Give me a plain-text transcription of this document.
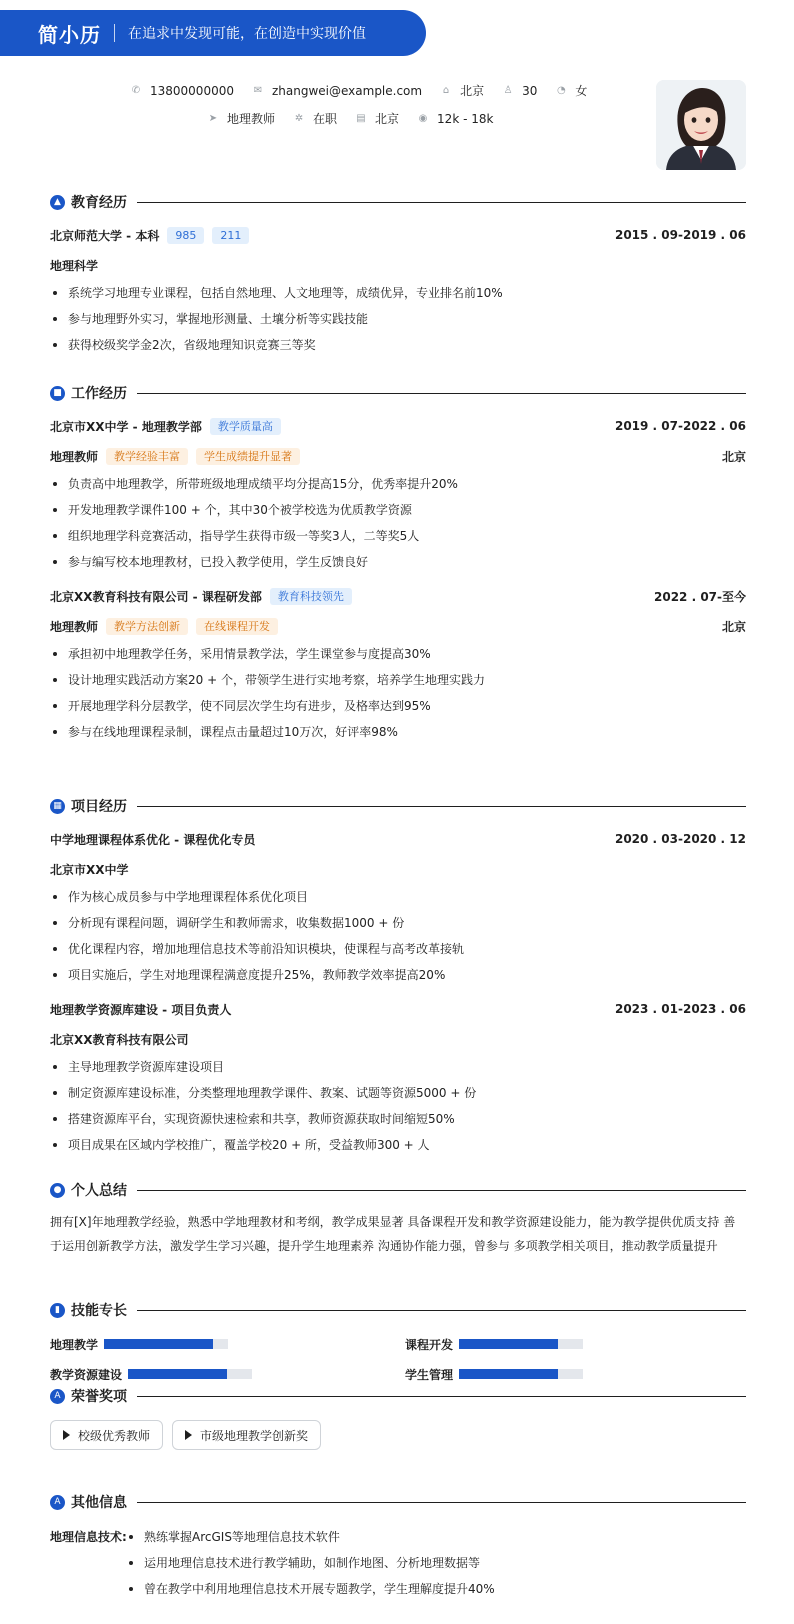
简小历 在追求中发现可能，在创造中实现价值
✆ 13800000000 ✉ zhangwei@example.com ⌂ 北京 ♙ 30 ◔ 女
➤ 地理教师 ✲ 在职 ▤ 北京 ◉ 12k - 18k
▲ 教育经历
北京师范大学 - 本科	985	211	2015 . 09-2019 . 06
地理科学
系统学习地理专业课程，包括自然地理、人文地理等，成绩优异，专业排名前10%
参与地理野外实习，掌握地形测量、土壤分析等实践技能
获得校级奖学金2次，省级地理知识竞赛三等奖
■ 工作经历
北京市XX中学 - 地理教学部	教学质量高	2019 . 07-2022 . 06
地理教师	教学经验丰富	学生成绩提升显著	北京
负责高中地理教学，所带班级地理成绩平均分提高15分，优秀率提升20%
开发地理教学课件100 + 个，其中30个被学校选为优质教学资源
组织地理学科竞赛活动，指导学生获得市级一等奖3人，二等奖5人
参与编写校本地理教材，已投入教学使用，学生反馈良好
北京XX教育科技有限公司 - 课程研发部	教育科技领先	2022 . 07-至今
地理教师	教学方法创新	在线课程开发	北京
承担初中地理教学任务，采用情景教学法，学生课堂参与度提高30%
设计地理实践活动方案20 + 个，带领学生进行实地考察，培养学生地理实践力
开展地理学科分层教学，使不同层次学生均有进步，及格率达到95%
参与在线地理课程录制，课程点击量超过10万次，好评率98%
▦ 项目经历
中学地理课程体系优化 - 课程优化专员	2020 . 03-2020 . 12
北京市XX中学
作为核心成员参与中学地理课程体系优化项目
分析现有课程问题，调研学生和教师需求，收集数据1000 + 份
优化课程内容，增加地理信息技术等前沿知识模块，使课程与高考改革接轨
项目实施后，学生对地理课程满意度提升25%，教师教学效率提高20%
地理教学资源库建设 - 项目负责人	2023 . 01-2023 . 06
北京XX教育科技有限公司
主导地理教学资源库建设项目
制定资源库建设标准，分类整理地理教学课件、教案、试题等资源5000 + 份
搭建资源库平台，实现资源快速检索和共享，教师资源获取时间缩短50%
项目成果在区域内学校推广，覆盖学校20 + 所，受益教师300 + 人
● 个人总结

拥有[X]年地理教学经验，熟悉中学地理教材和考纲，教学成果显著 具备课程开发和教学资源建设能力，能为教学提供优质支持 善于运用创新教学方法，激发学生学习兴趣，提升学生地理素养 沟通协作能力强，曾参与 多项教学相关项目，推动教学质量提升

▮ 技能专长
地理教学	课程开发
教学资源建设	学生管理
A 荣誉奖项
校级优秀教师	市级地理教学创新奖
A 其他信息
地理信息技术:	熟练掌握ArcGIS等地理信息技术软件
运用地理信息技术进行教学辅助，如制作地图、分析地理数据等
曾在教学中利用地理信息技术开展专题教学，学生理解度提升40%
